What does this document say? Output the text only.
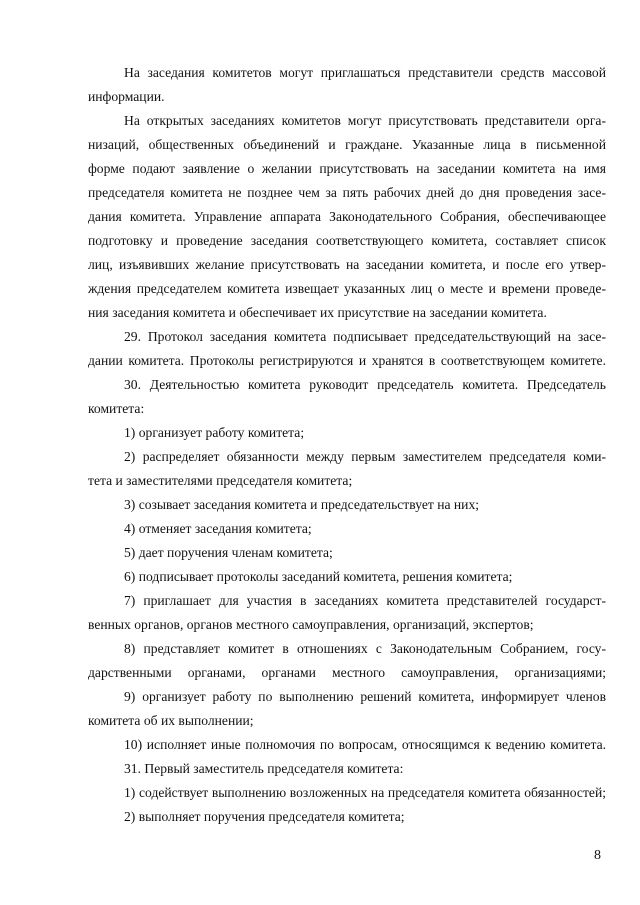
На заседания комитетов могут приглашаться представители средств массовой
информации.
На открытых заседаниях комитетов могут присутствовать представители орга-
низаций, общественных объединений и граждане. Указанные лица в письменной
форме подают заявление о желании присутствовать на заседании комитета на имя
председателя комитета не позднее чем за пять рабочих дней до дня проведения засе-
дания комитета. Управление аппарата Законодательного Собрания, обеспечивающее
подготовку и проведение заседания соответствующего комитета, составляет список
лиц, изъявивших желание присутствовать на заседании комитета, и после его утвер-
ждения председателем комитета извещает указанных лиц о месте и времени проведе-
ния заседания комитета и обеспечивает их присутствие на заседании комитета.
29. Протокол заседания комитета подписывает председательствующий на засе-
дании комитета. Протоколы регистрируются и хранятся в соответствующем комитете.
30. Деятельностью комитета руководит председатель комитета. Председатель
комитета:
1) организует работу комитета;
2) распределяет обязанности между первым заместителем председателя коми-
тета и заместителями председателя комитета;
3) созывает заседания комитета и председательствует на них;
4) отменяет заседания комитета;
5) дает поручения членам комитета;
6) подписывает протоколы заседаний комитета, решения комитета;
7) приглашает для участия в заседаниях комитета представителей государст-
венных органов, органов местного самоуправления, организаций, экспертов;
8) представляет комитет в отношениях с Законодательным Собранием, госу-
дарственными органами, органами местного самоуправления, организациями;
9) организует работу по выполнению решений комитета, информирует членов
комитета об их выполнении;
10) исполняет иные полномочия по вопросам, относящимся к ведению комитета.
31. Первый заместитель председателя комитета:
1) содействует выполнению возложенных на председателя комитета обязанностей;
2) выполняет поручения председателя комитета;
8
